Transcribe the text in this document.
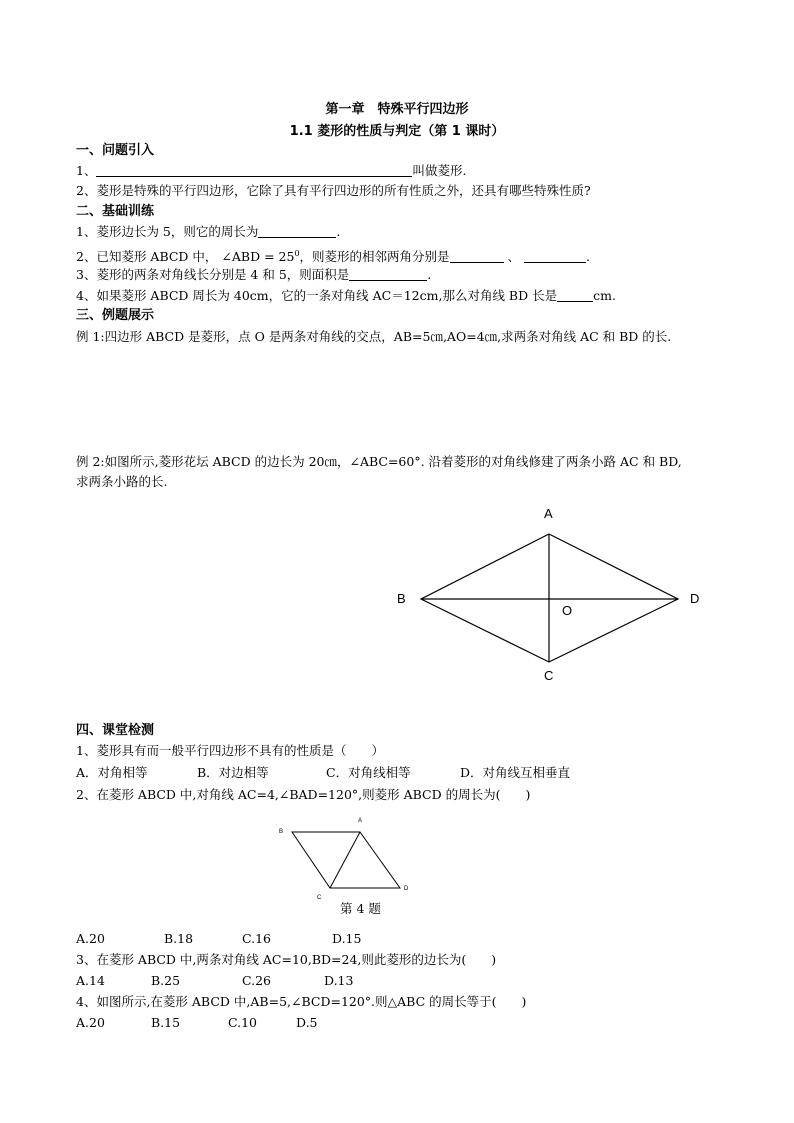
第一章　特殊平行四边形
1.1 菱形的性质与判定（第 1 课时）
一、问题引入
1、	叫做菱形.
2、菱形是特殊的平行四边形，它除了具有平行四边形的所有性质之外，还具有哪些特殊性质?
二、基础训练
1、菱形边长为 5，则它的周长为	.
2、已知菱形 ABCD 中， ∠ABD = $25^0$，则菱形的相邻两角分别是	、	.
3、菱形的两条对角线长分别是 4 和 5，则面积是	.
4、如果菱形 ABCD 周长为 40cm，它的一条对角线 AC＝12cm,那么对角线 BD 长是	cm.
三、例题展示
例 1:四边形 ABCD 是菱形，点 O 是两条对角线的交点，AB=5㎝,AO=4㎝,求两条对角线 AC 和 BD 的长.
例 2:如图所示,菱形花坛 ABCD 的边长为 20㎝，∠ABC=60°. 沿着菱形的对角线修建了两条小路 AC 和 BD,
求两条小路的长.
A
B
C
D
O
B
A
C
D
四、课堂检测
1、菱形具有而一般平行四边形不具有的性质是（　　）
A．对角相等	B．对边相等	C．对角线相等	D．对角线互相垂直
2、在菱形 ABCD 中,对角线 AC=4,∠BAD=120°,则菱形 ABCD 的周长为(　　)
第 4 题
A.20	B.18	C.16	D.15
3、在菱形 ABCD 中,两条对角线 AC=10,BD=24,则此菱形的边长为(　　)
A.14	B.25	C.26	D.13
4、如图所示,在菱形 ABCD 中,AB=5,∠BCD=120°.则△ABC 的周长等于(　　)
A.20	B.15	C.10	D.5
